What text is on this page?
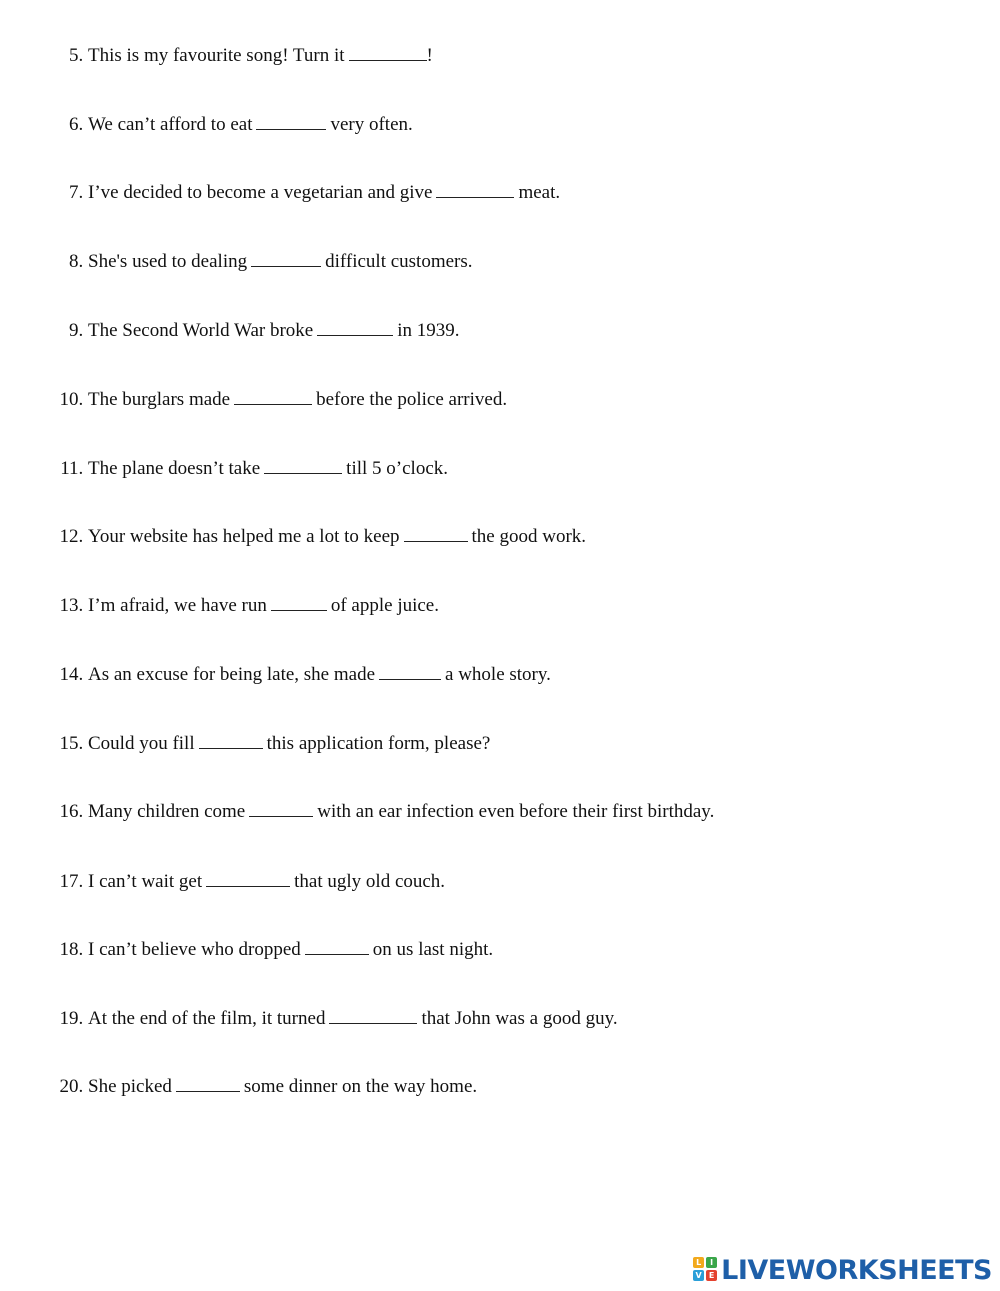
5. This is my favourite song! Turn it	!
6. We can’t afford to eat	very often.
7. I’ve decided to become a vegetarian and give	meat.
8. She's used to dealing	difficult customers.
9. The Second World War broke	in 1939.
10. The burglars made	before the police arrived.
11. The plane doesn’t take	till 5 o’clock.
12. Your website has helped me a lot to keep	the good work.
13. I’m afraid, we have run	of apple juice.
14. As an excuse for being late, she made	a whole story.
15. Could you fill	this application form, please?
16. Many children come	with an ear infection even before their first birthday.
17. I can’t wait get	that ugly old couch.
18. I can’t believe who dropped	on us last night.
19. At the end of the film, it turned	that John was a good guy.
20. She picked	some dinner on the way home.
L	I
V E LIVEWORKSHEETS
